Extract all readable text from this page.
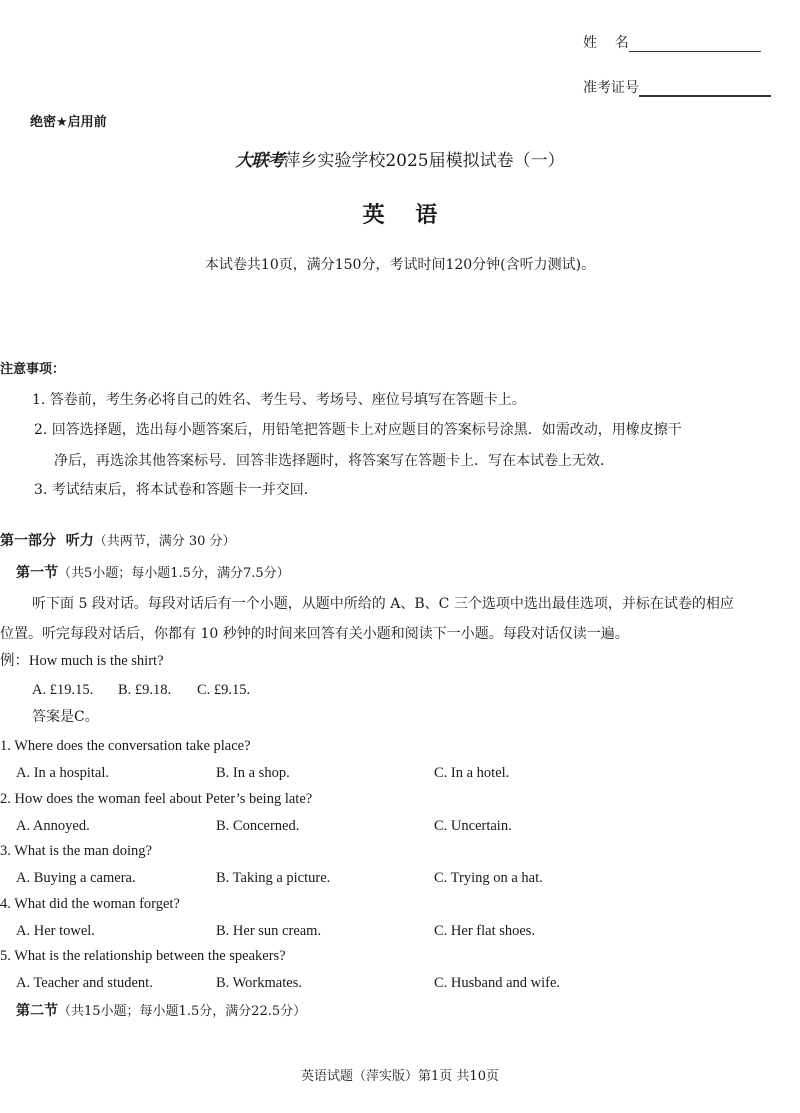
姓    名
准考证号
绝密★启用前
大联考萍乡实验学校2025届模拟试卷（一）
英    语
本试卷共10页，满分150分，考试时间120分钟(含听力测试)。
注意事项：
1. 答卷前，考生务必将自己的姓名、考生号、考场号、座位号填写在答题卡上。
2. 回答选择题，选出每小题答案后，用铅笔把答题卡上对应题目的答案标号涂黑．如需改动，用橡皮擦干
净后，再选涂其他答案标号．回答非选择题时，将答案写在答题卡上．写在本试卷上无效．
3. 考试结束后，将本试卷和答题卡一并交回．
第一部分  听力（共两节，满分 30 分）
第一节（共5小题；每小题1.5分，满分7.5分）
听下面 5 段对话。每段对话后有一个小题，从题中所给的 A、B、C 三个选项中选出最佳选项，并标在试卷的相应
位置。听完每段对话后，你都有 10 秒钟的时间来回答有关小题和阅读下一小题。每段对话仅读一遍。
例：How much is the shirt?
A. £19.15. B. £9.18. C. £9.15.
答案是C。
1. Where does the conversation take place?
A. In a hospital.	B. In a shop.	C. In a hotel.
2. How does the woman feel about Peter’s being late?
A. Annoyed.	B. Concerned.	C. Uncertain.
3. What is the man doing?
A. Buying a camera.	B. Taking a picture.	C. Trying on a hat.
4. What did the woman forget?
A. Her towel.	B. Her sun cream.	C. Her flat shoes.
5. What is the relationship between the speakers?
A. Teacher and student.	B. Workmates.	C. Husband and wife.
第二节（共15小题；每小题1.5分，满分22.5分）
英语试题（萍实版）第1页 共10页
